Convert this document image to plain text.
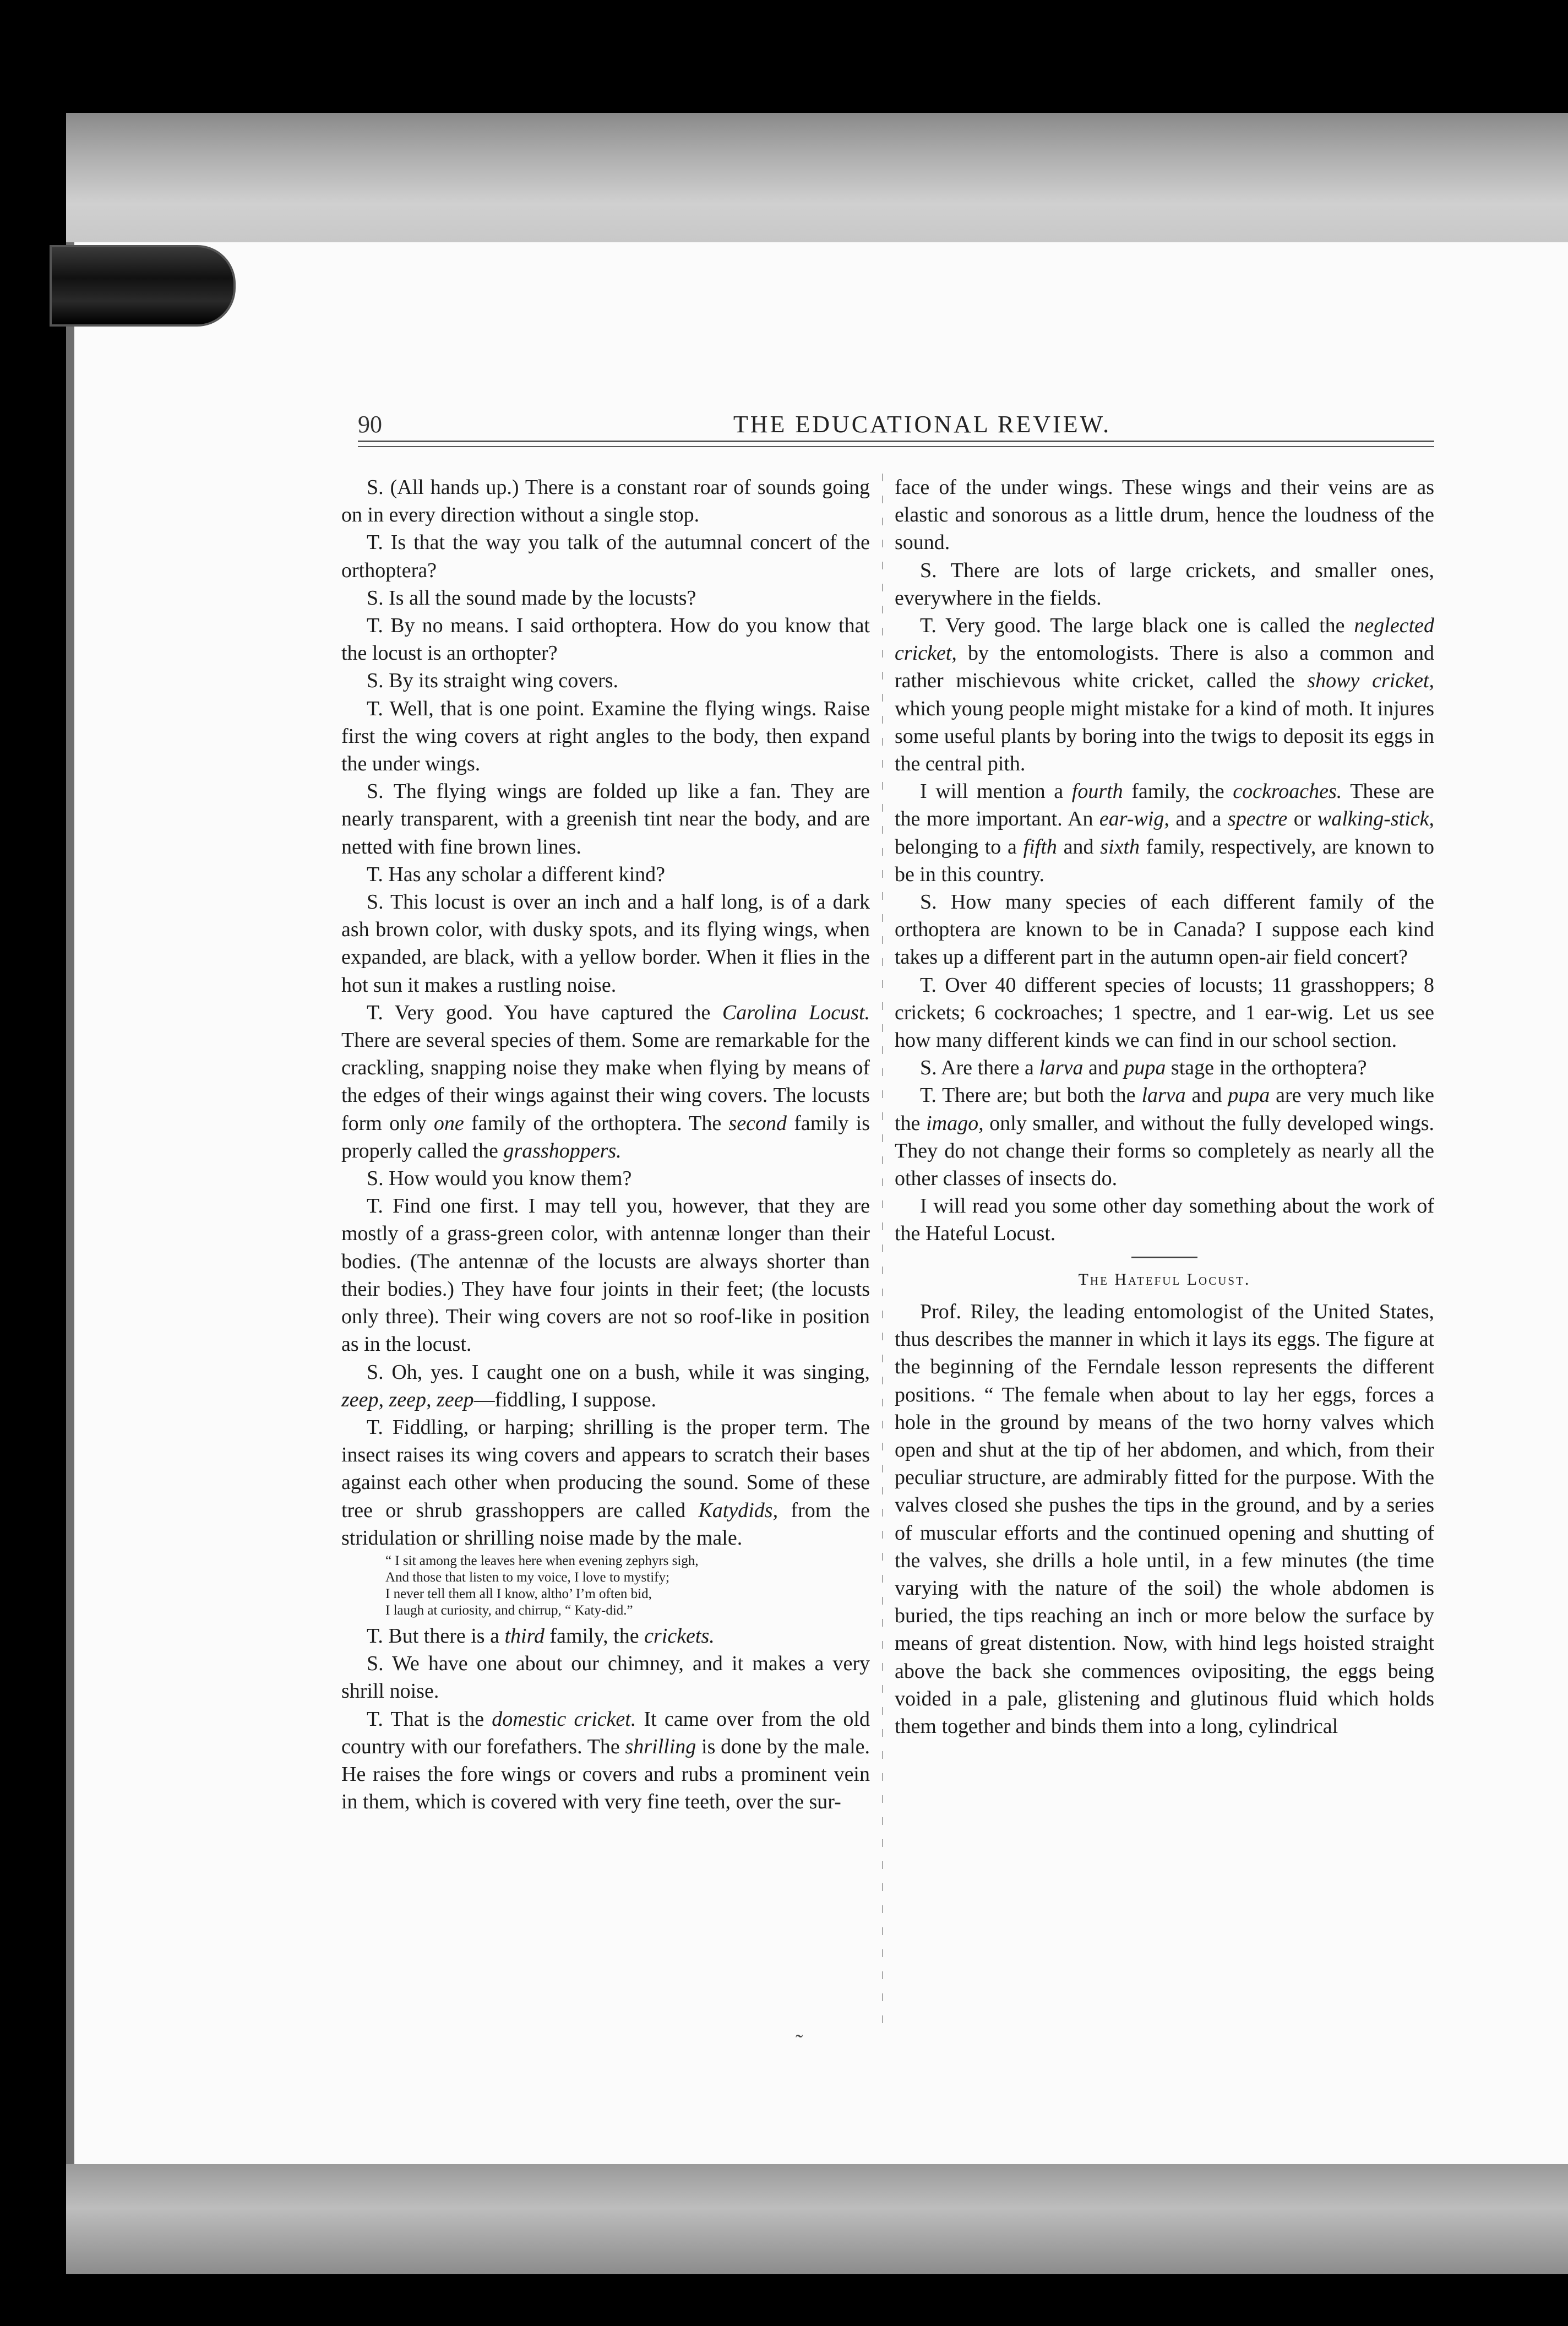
90	THE EDUCATIONAL REVIEW.

S. (All hands up.) There is a constant roar of sounds going on in every direction without a single stop.

T. Is that the way you talk of the autumnal concert of the orthoptera?

S. Is all the sound made by the locusts?

T. By no means. I said orthoptera. How do you know that the locust is an orthopter?

S. By its straight wing covers.

T. Well, that is one point. Examine the flying wings. Raise first the wing covers at right angles to the body, then expand the under wings.

S. The flying wings are folded up like a fan. They are nearly transparent, with a greenish tint near the body, and are netted with fine brown lines.

T. Has any scholar a different kind?

S. This locust is over an inch and a half long, is of a dark ash brown color, with dusky spots, and its flying wings, when expanded, are black, with a yellow border. When it flies in the hot sun it makes a rustling noise.

T. Very good. You have captured the Carolina Locust. There are several species of them. Some are remarkable for the crackling, snapping noise they make when flying by means of the edges of their wings against their wing covers. The locusts form only one family of the orthoptera. The second family is properly called the grasshoppers.

S. How would you know them?

T. Find one first. I may tell you, however, that they are mostly of a grass-green color, with antennæ longer than their bodies. (The antennæ of the locusts are always shorter than their bodies.) They have four joints in their feet; (the locusts only three). Their wing covers are not so roof-like in position as in the locust.

S. Oh, yes. I caught one on a bush, while it was singing, zeep, zeep, zeep—fiddling, I suppose.

T. Fiddling, or harping; shrilling is the proper term. The insect raises its wing covers and appears to scratch their bases against each other when producing the sound. Some of these tree or shrub grasshoppers are called Katydids, from the stridulation or shrilling noise made by the male.

“ I sit among the leaves here when evening zephyrs sigh,
And those that listen to my voice, I love to mystify;
I never tell them all I know, altho’ I’m often bid,
I laugh at curiosity, and chirrup, “ Katy-did.”

T. But there is a third family, the crickets.

S. We have one about our chimney, and it makes a very shrill noise.

T. That is the domestic cricket. It came over from the old country with our forefathers. The shrilling is done by the male. He raises the fore wings or covers and rubs a prominent vein in them, which is covered with very fine teeth, over the sur-

face of the under wings. These wings and their veins are as elastic and sonorous as a little drum, hence the loudness of the sound.

S. There are lots of large crickets, and smaller ones, everywhere in the fields.

T. Very good. The large black one is called the neglected cricket, by the entomologists. There is also a common and rather mischievous white cricket, called the showy cricket, which young people might mistake for a kind of moth. It injures some useful plants by boring into the twigs to deposit its eggs in the central pith.

I will mention a fourth family, the cockroaches. These are the more important. An ear-wig, and a spectre or walking-stick, belonging to a fifth and sixth family, respectively, are known to be in this country.

S. How many species of each different family of the orthoptera are known to be in Canada? I suppose each kind takes up a different part in the autumn open-air field concert?

T. Over 40 different species of locusts; 11 grasshoppers; 8 crickets; 6 cockroaches; 1 spectre, and 1 ear-wig. Let us see how many different kinds we can find in our school section.

S. Are there a larva and pupa stage in the orthoptera?

T. There are; but both the larva and pupa are very much like the imago, only smaller, and without the fully developed wings. They do not change their forms so completely as nearly all the other classes of insects do.

I will read you some other day something about the work of the Hateful Locust.

The Hateful Locust.

Prof. Riley, the leading entomologist of the United States, thus describes the manner in which it lays its eggs. The figure at the beginning of the Ferndale lesson represents the different positions. “ The female when about to lay her eggs, forces a hole in the ground by means of the two horny valves which open and shut at the tip of her abdomen, and which, from their peculiar structure, are admirably fitted for the purpose. With the valves closed she pushes the tips in the ground, and by a series of muscular efforts and the continued opening and shutting of the valves, she drills a hole until, in a few minutes (the time varying with the nature of the soil) the whole abdomen is buried, the tips reaching an inch or more below the surface by means of great distention. Now, with hind legs hoisted straight above the back she commences ovipositing, the eggs being voided in a pale, glistening and glutinous fluid which holds them together and binds them into a long, cylindrical

˜
